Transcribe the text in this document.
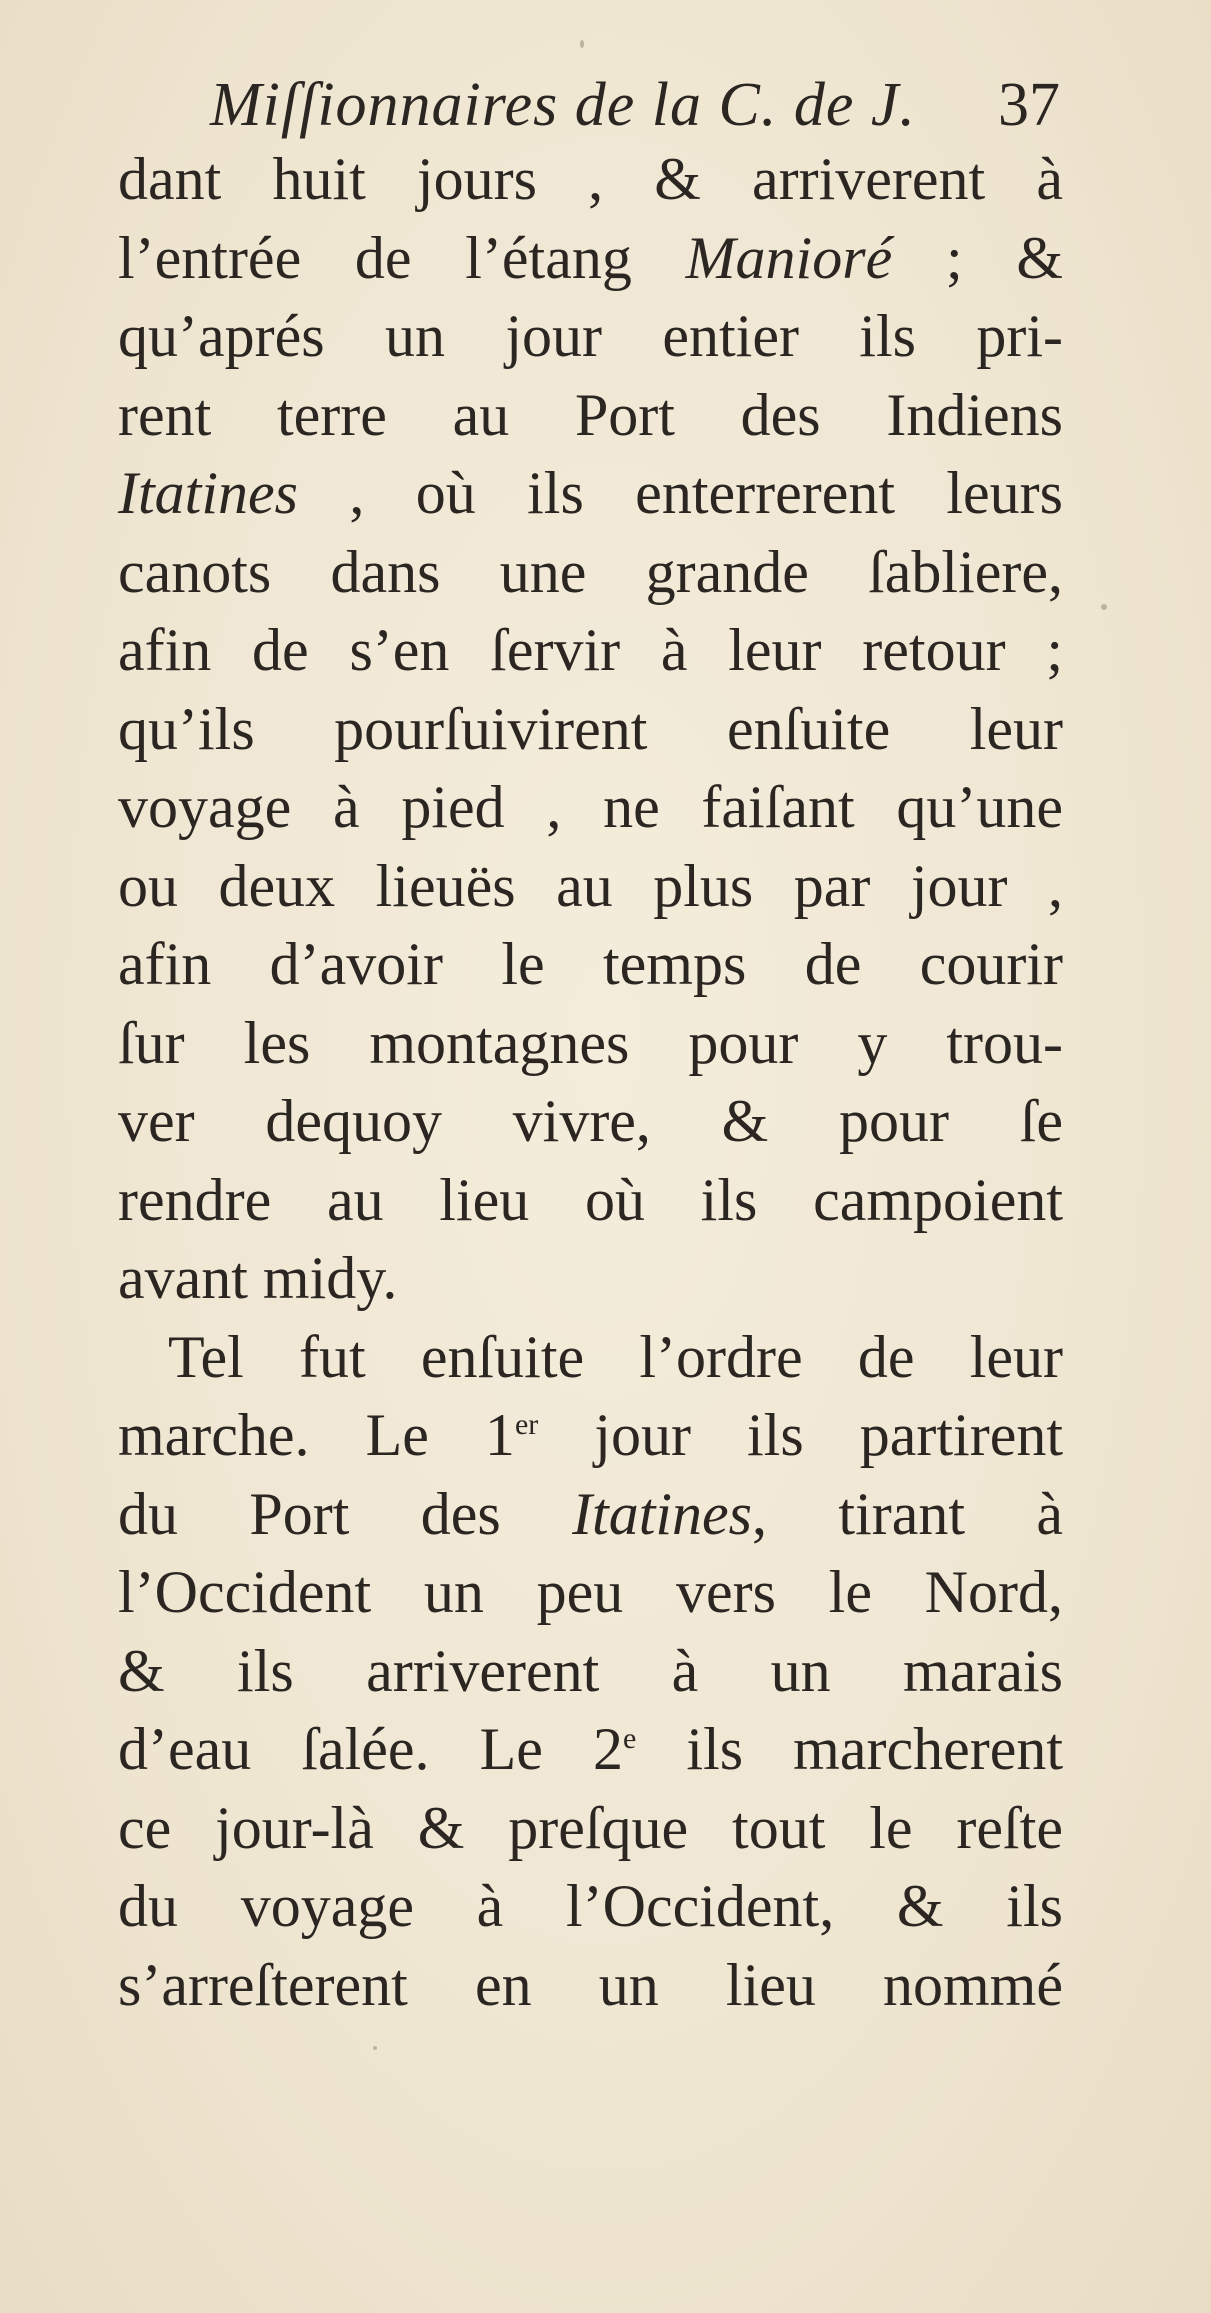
Miſſionnaires de la C. de J. 37
dant huit jours , & arriverent à
l’entrée de l’étang Manioré ; &
qu’aprés un jour entier ils pri-
rent terre au Port des Indiens
Itatines , où ils enterrerent leurs
canots dans une grande ſabliere,
afin de s’en ſervir à leur retour ;
qu’ils pourſuivirent enſuite leur
voyage à pied , ne faiſant qu’une
ou deux lieuës au plus par jour ,
afin d’avoir le temps de courir
ſur les montagnes pour y trou-
ver dequoy vivre, & pour ſe
rendre au lieu où ils campoient
avant midy.
Tel fut enſuite l’ordre de leur
marche. Le 1er jour ils partirent
du Port des Itatines, tirant à
l’Occident un peu vers le Nord,
& ils arriverent à un marais
d’eau ſalée. Le 2e ils marcherent
ce jour-là & preſque tout le reſte
du voyage à l’Occident, & ils
s’arreſterent en un lieu nommé
